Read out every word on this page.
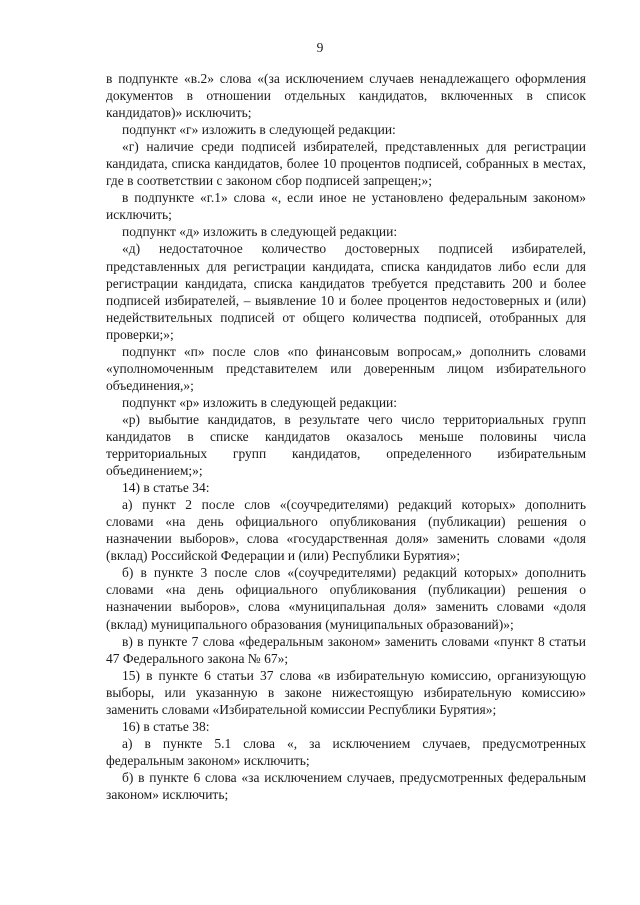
9

в подпункте «в.2» слова «(за исключением случаев ненадлежащего оформления документов в отношении отдельных кандидатов, включенных в список кандидатов)» исключить;

подпункт «г» изложить в следующей редакции:

«г) наличие среди подписей избирателей, представленных для регистрации кандидата, списка кандидатов, более 10 процентов подписей, собранных в местах, где в соответствии с законом сбор подписей запрещен;»;

в подпункте «г.1» слова «, если иное не установлено федеральным законом» исключить;

подпункт «д» изложить в следующей редакции:

«д) недостаточное количество достоверных подписей избирателей, представленных для регистрации кандидата, списка кандидатов либо если для регистрации кандидата, списка кандидатов требуется представить 200 и более подписей избирателей, – выявление 10 и более процентов недостоверных и (или) недействительных подписей от общего количества подписей, отобранных для проверки;»;

подпункт «п» после слов «по финансовым вопросам,» дополнить словами «уполномоченным представителем или доверенным лицом избирательного объединения,»;

подпункт «р» изложить в следующей редакции:

«р) выбытие кандидатов, в результате чего число территориальных групп кандидатов в списке кандидатов оказалось меньше половины числа территориальных групп кандидатов, определенного избирательным объединением;»;

14) в статье 34:

а) пункт 2 после слов «(соучредителями) редакций которых» дополнить словами «на день официального опубликования (публикации) решения о назначении выборов», слова «государственная доля» заменить словами «доля (вклад) Российской Федерации и (или) Республики Бурятия»;

б) в пункте 3 после слов «(соучредителями) редакций которых» дополнить словами «на день официального опубликования (публикации) решения о назначении выборов», слова «муниципальная доля» заменить словами «доля (вклад) муниципального образования (муниципальных образований)»;

в) в пункте 7 слова «федеральным законом» заменить словами «пункт 8 статьи 47 Федерального закона № 67»;

15) в пункте 6 статьи 37 слова «в избирательную комиссию, организующую выборы, или указанную в законе нижестоящую избирательную комиссию» заменить словами «Избирательной комиссии Республики Бурятия»;

16) в статье 38:

а) в пункте 5.1 слова «, за исключением случаев, предусмотренных федеральным законом» исключить;

б) в пункте 6 слова «за исключением случаев, предусмотренных федеральным законом» исключить;
